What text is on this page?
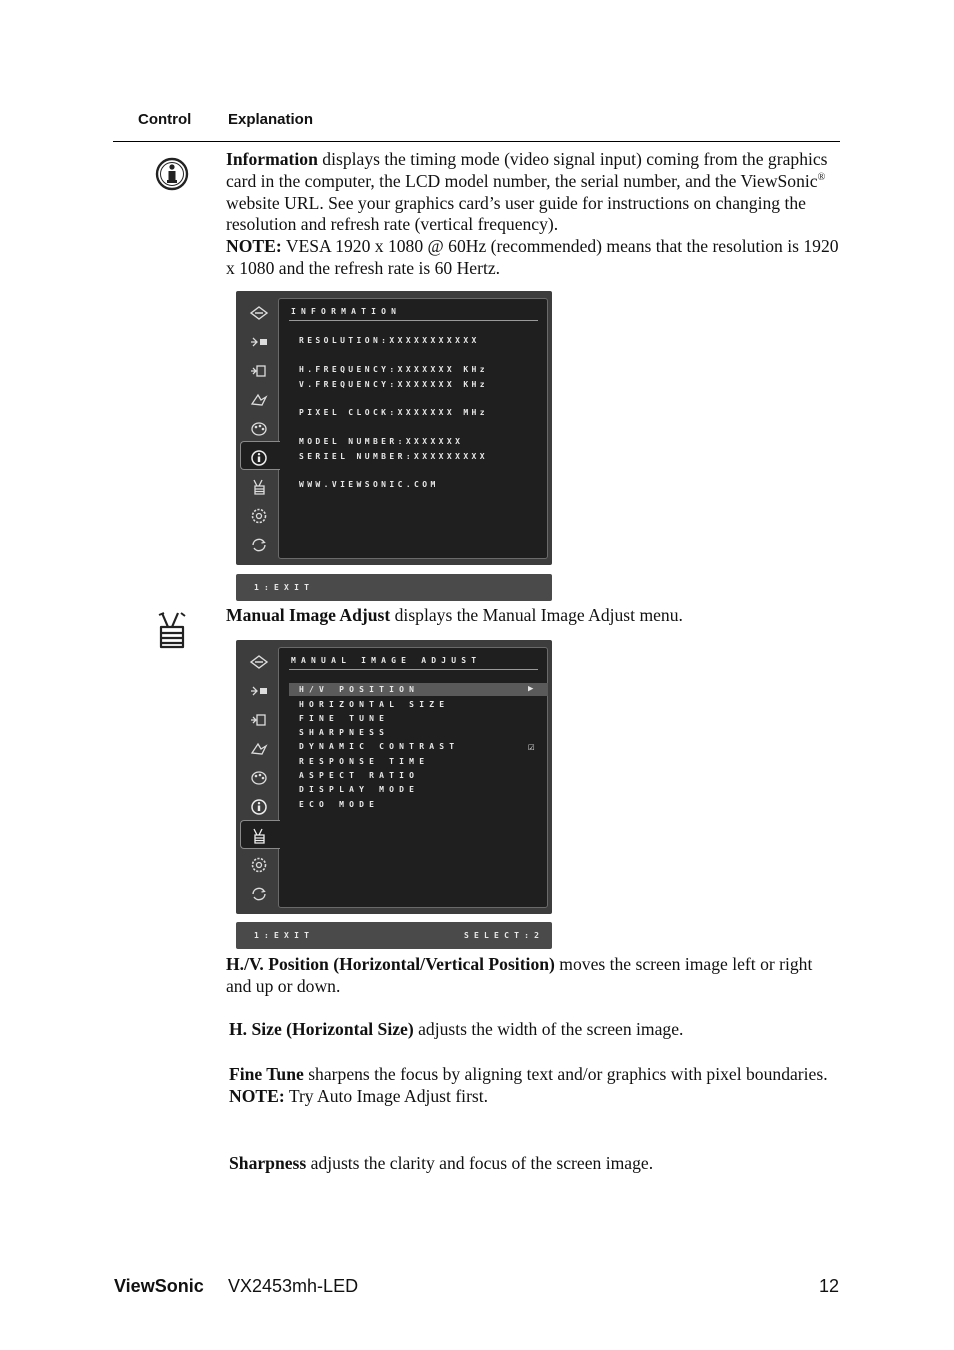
Control Explanation
Information displays the timing mode (video signal input) coming from the graphics card in the computer, the LCD model number, the serial number, and the ViewSonic® website URL. See your graphics card’s user guide for instructions on changing the resolution and refresh rate (vertical frequency).
NOTE: VESA 1920 x 1080 @ 60Hz (recommended) means that the resolution is 1920 x 1080 and the refresh rate is 60 Hertz.
INFORMATION
RESOLUTION:XXXXXXXXXXX
H.FREQUENCY:XXXXXXX KHz
V.FREQUENCY:XXXXXXX KHz
PIXEL CLOCK:XXXXXXX MHz
MODEL NUMBER:XXXXXXX
SERIEL NUMBER:XXXXXXXXX
WWW.VIEWSONIC.COM
1:EXIT
Manual Image Adjust displays the Manual Image Adjust menu.
MANUAL IMAGE ADJUST
H/V POSITION	▶
HORIZONTAL SIZE
FINE TUNE
SHARPNESS
DYNAMIC CONTRAST	☑
RESPONSE TIME
ASPECT RATIO
DISPLAY MODE
ECO MODE
1:EXIT	SELECT:2
H./V. Position (Horizontal/Vertical Position) moves the screen image left or right and up or down.
H. Size (Horizontal Size) adjusts the width of the screen image.
Fine Tune sharpens the focus by aligning text and/or graphics with pixel boundaries.
NOTE: Try Auto Image Adjust first.
Sharpness adjusts the clarity and focus of the screen image.
ViewSonic VX2453mh-LED	12
